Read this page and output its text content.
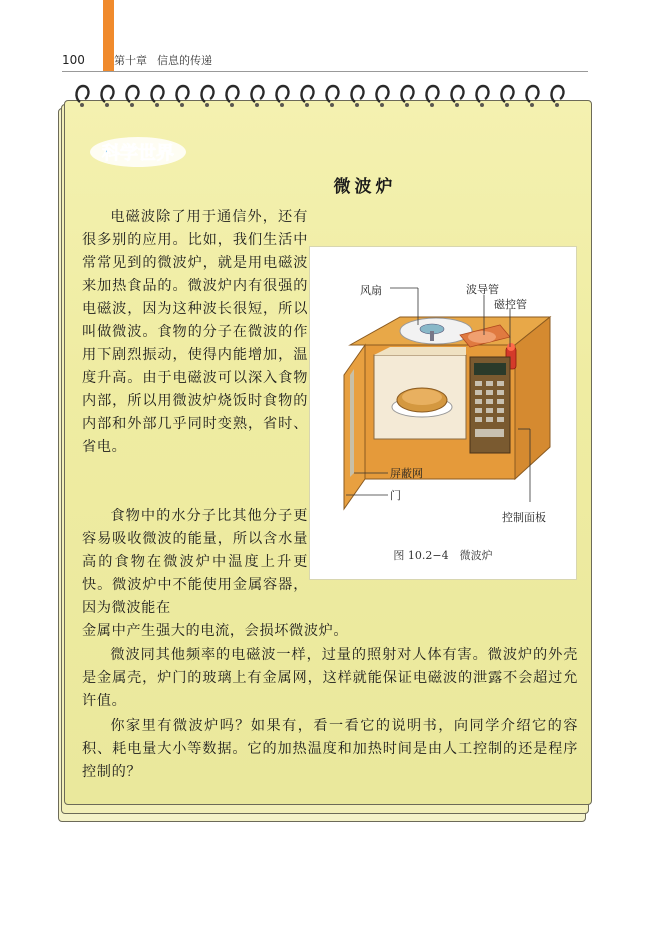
100	第十章 信息的传递
科学世界
微波炉

电磁波除了用于通信外，还有很多别的应用。比如，我们生活中常常见到的微波炉，就是用电磁波来加热食品的。微波炉内有很强的电磁波，因为这种波长很短，所以叫做微波。食物的分子在微波的作用下剧烈振动，使得内能增加，温度升高。由于电磁波可以深入食物内部，所以用微波炉烧饭时食物的内部和外部几乎同时变熟，省时、省电。

食物中的水分子比其他分子更容易吸收微波的能量，所以含水量高的食物在微波炉中温度上升更快。微波炉中不能使用金属容器，因为微波能在

金属中产生强大的电流，会损坏微波炉。

微波同其他频率的电磁波一样，过量的照射对人体有害。微波炉的外壳是金属壳，炉门的玻璃上有金属网，这样就能保证电磁波的泄露不会超过允许值。

你家里有微波炉吗？如果有，看一看它的说明书，向同学介绍它的容积、耗电量大小等数据。它的加热温度和加热时间是由人工控制的还是程序控制的？

风扇	波导管
磁控管
屏蔽网
门
控制面板
图 10.2−4　微波炉
